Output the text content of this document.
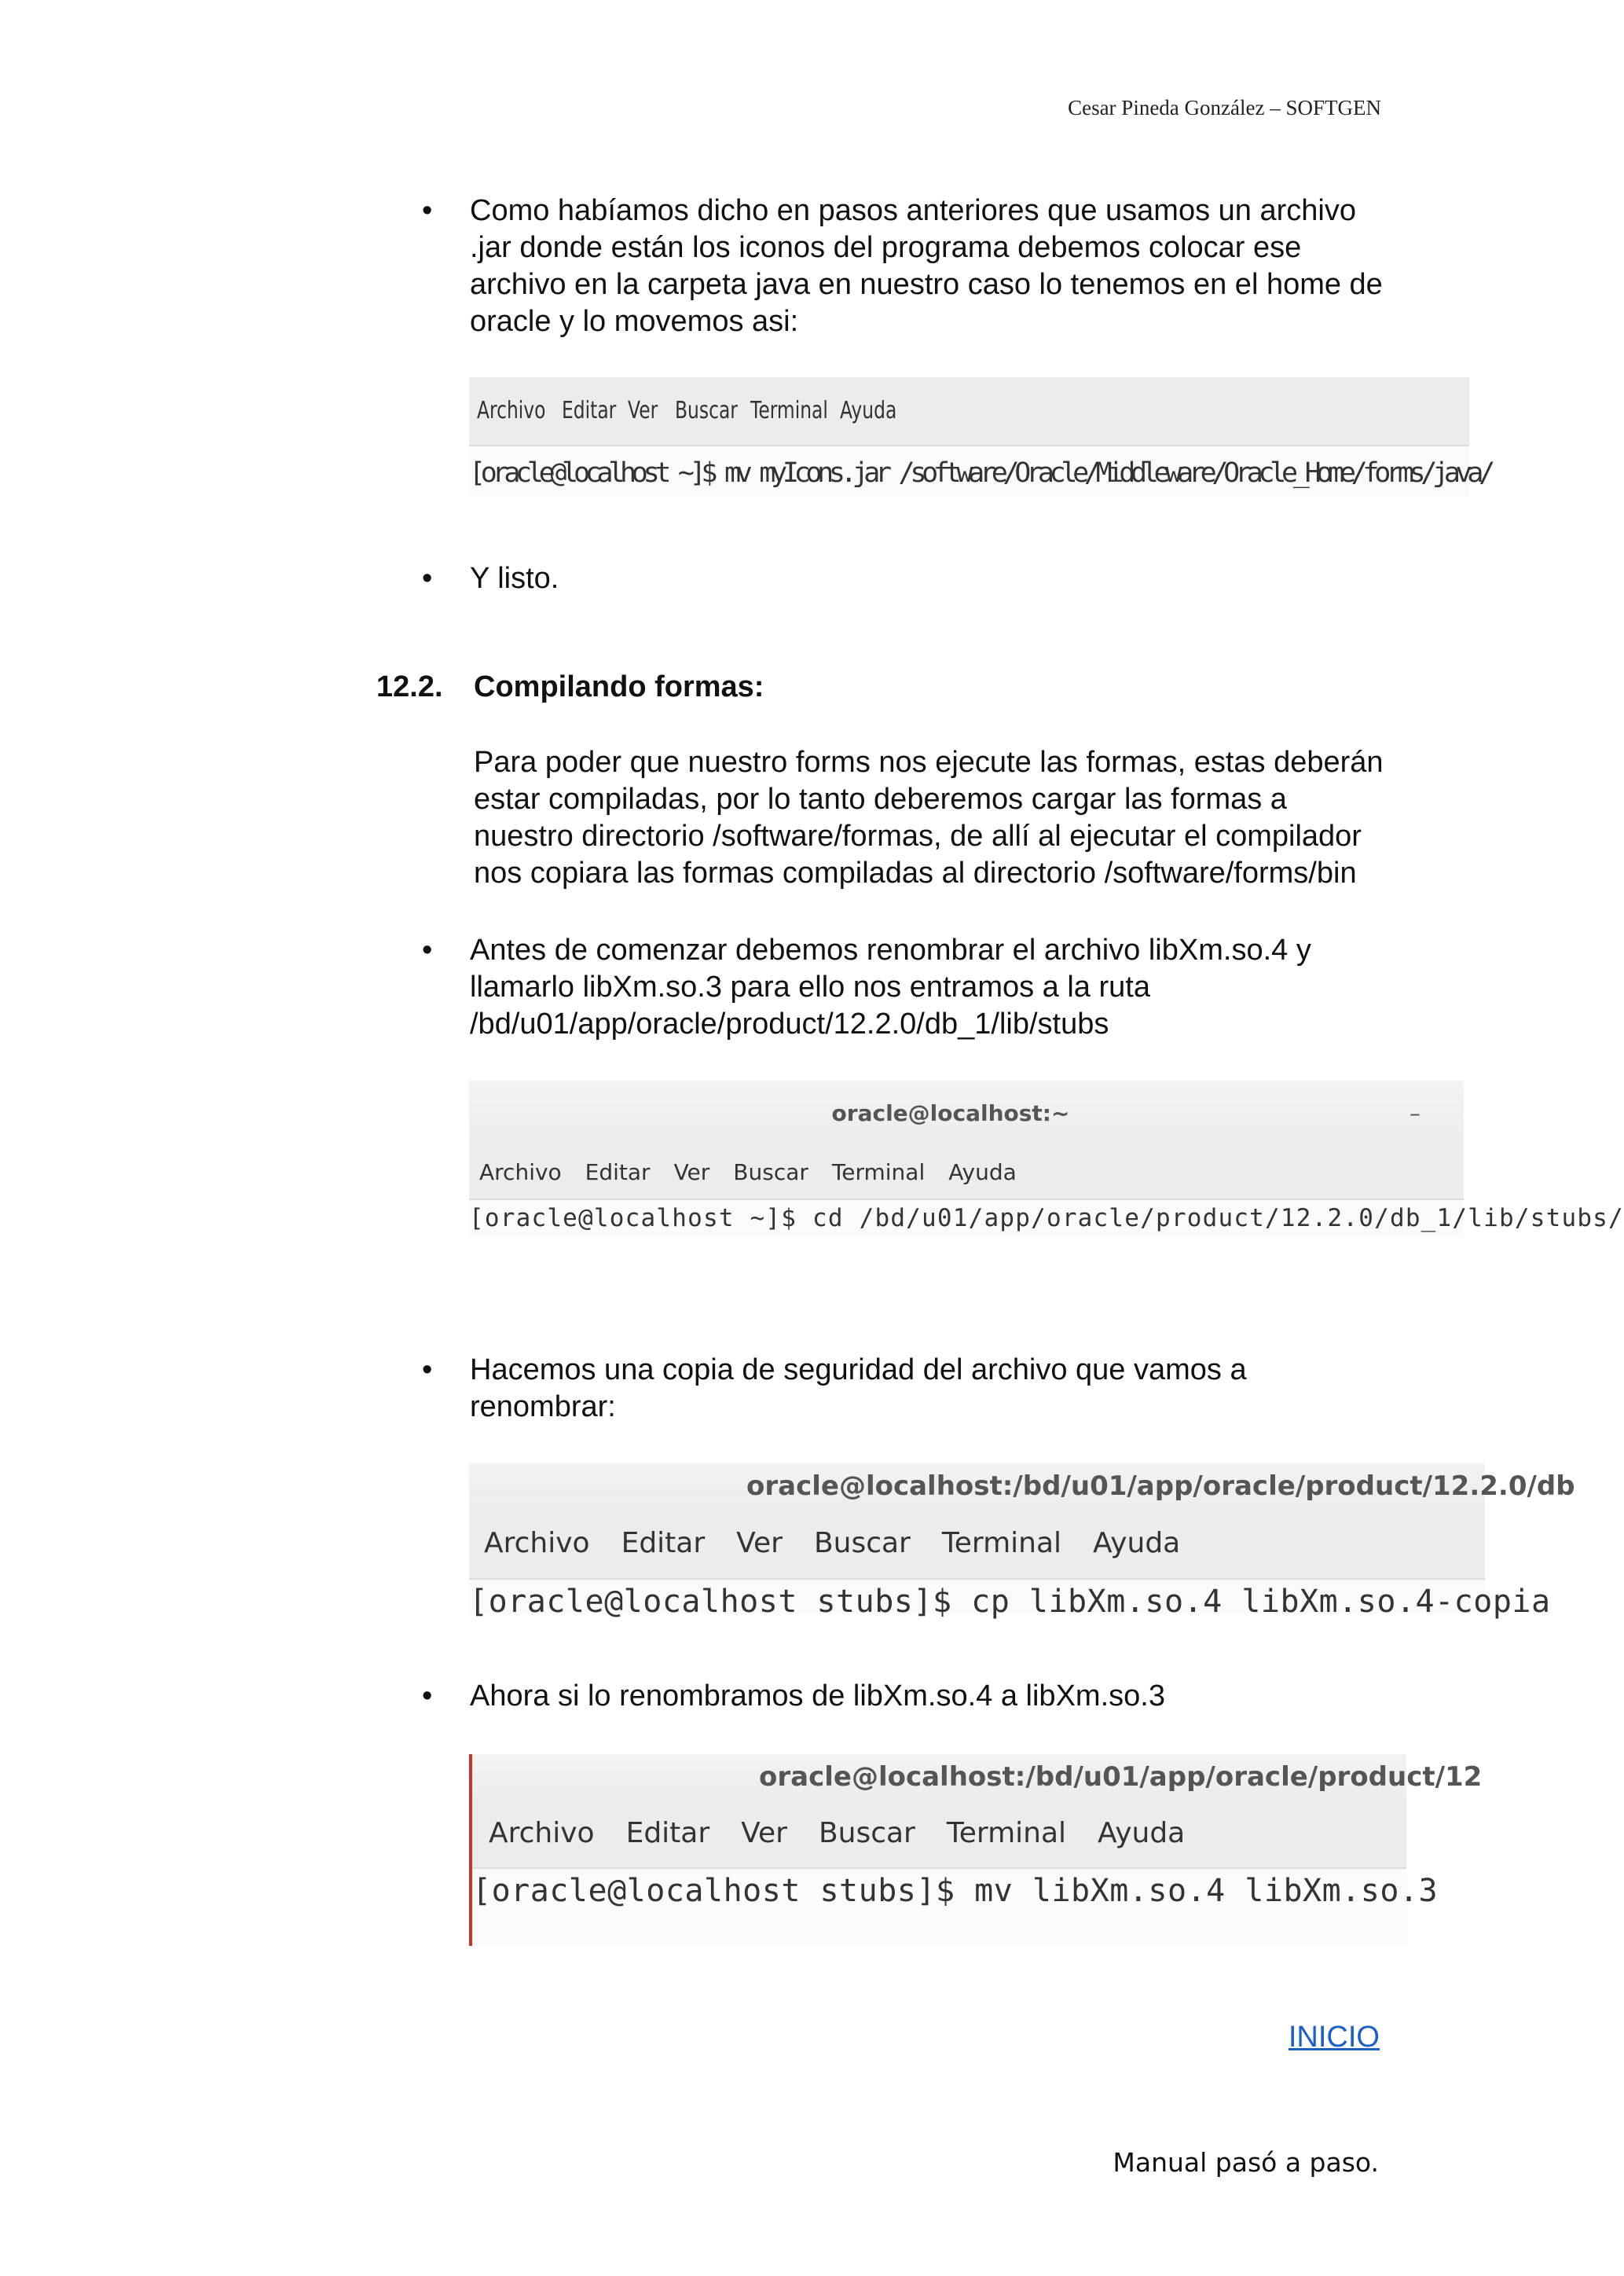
Cesar Pineda González – SOFTGEN
• Como habíamos dicho en pasos anteriores que usamos un archivo
.jar donde están los iconos del programa debemos colocar ese
archivo en la carpeta java en nuestro caso lo tenemos en el home de
oracle y lo movemos asi:
Archivo Editar Ver Buscar Terminal Ayuda
[oracle@localhost ~]$ mv myIcons.jar /software/Oracle/Middleware/Oracle_Home/forms/java/
• Y listo.
12.2. Compilando formas:
Para poder que nuestro forms nos ejecute las formas, estas deberán
estar compiladas, por lo tanto deberemos cargar las formas a
nuestro directorio /software/formas, de allí al ejecutar el compilador
nos copiara las formas compiladas al directorio /software/forms/bin
• Antes de comenzar debemos renombrar el archivo libXm.so.4 y
llamarlo libXm.so.3 para ello nos entramos a la ruta
/bd/u01/app/oracle/product/12.2.0/db_1/lib/stubs
oracle@localhost:~	–
Archivo Editar Ver Buscar Terminal Ayuda
[oracle@localhost ~]$ cd /bd/u01/app/oracle/product/12.2.0/db_1/lib/stubs/
• Hacemos una copia de seguridad del archivo que vamos a
renombrar:
oracle@localhost:/bd/u01/app/oracle/product/12.2.0/db
Archivo Editar Ver Buscar Terminal Ayuda
[oracle@localhost stubs]$ cp libXm.so.4 libXm.so.4-copia
• Ahora si lo renombramos de libXm.so.4 a libXm.so.3
oracle@localhost:/bd/u01/app/oracle/product/12
Archivo Editar Ver Buscar Terminal Ayuda
[oracle@localhost stubs]$ mv libXm.so.4 libXm.so.3
INICIO
Manual pasó a paso.
